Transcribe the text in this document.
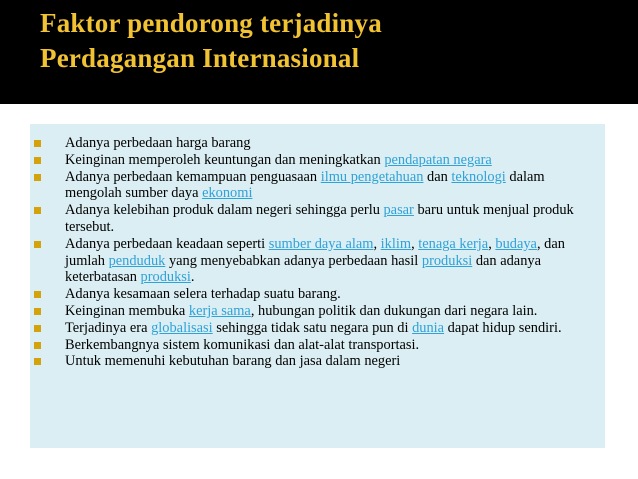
Faktor pendorong terjadinya
Perdagangan Internasional
Adanya perbedaan harga barang
Keinginan memperoleh keuntungan dan meningkatkan pendapatan negara
Adanya perbedaan kemampuan penguasaan ilmu pengetahuan dan teknologi dalam mengolah sumber daya ekonomi
Adanya kelebihan produk dalam negeri sehingga perlu pasar baru untuk menjual produk tersebut.
Adanya perbedaan keadaan seperti sumber daya alam, iklim, tenaga kerja, budaya, dan jumlah penduduk yang menyebabkan adanya perbedaan hasil produksi dan adanya keterbatasan produksi.
Adanya kesamaan selera terhadap suatu barang.
Keinginan membuka kerja sama, hubungan politik dan dukungan dari negara lain.
Terjadinya era globalisasi sehingga tidak satu negara pun di dunia dapat hidup sendiri.
Berkembangnya sistem komunikasi dan alat-alat transportasi.
Untuk memenuhi kebutuhan barang dan jasa dalam negeri
